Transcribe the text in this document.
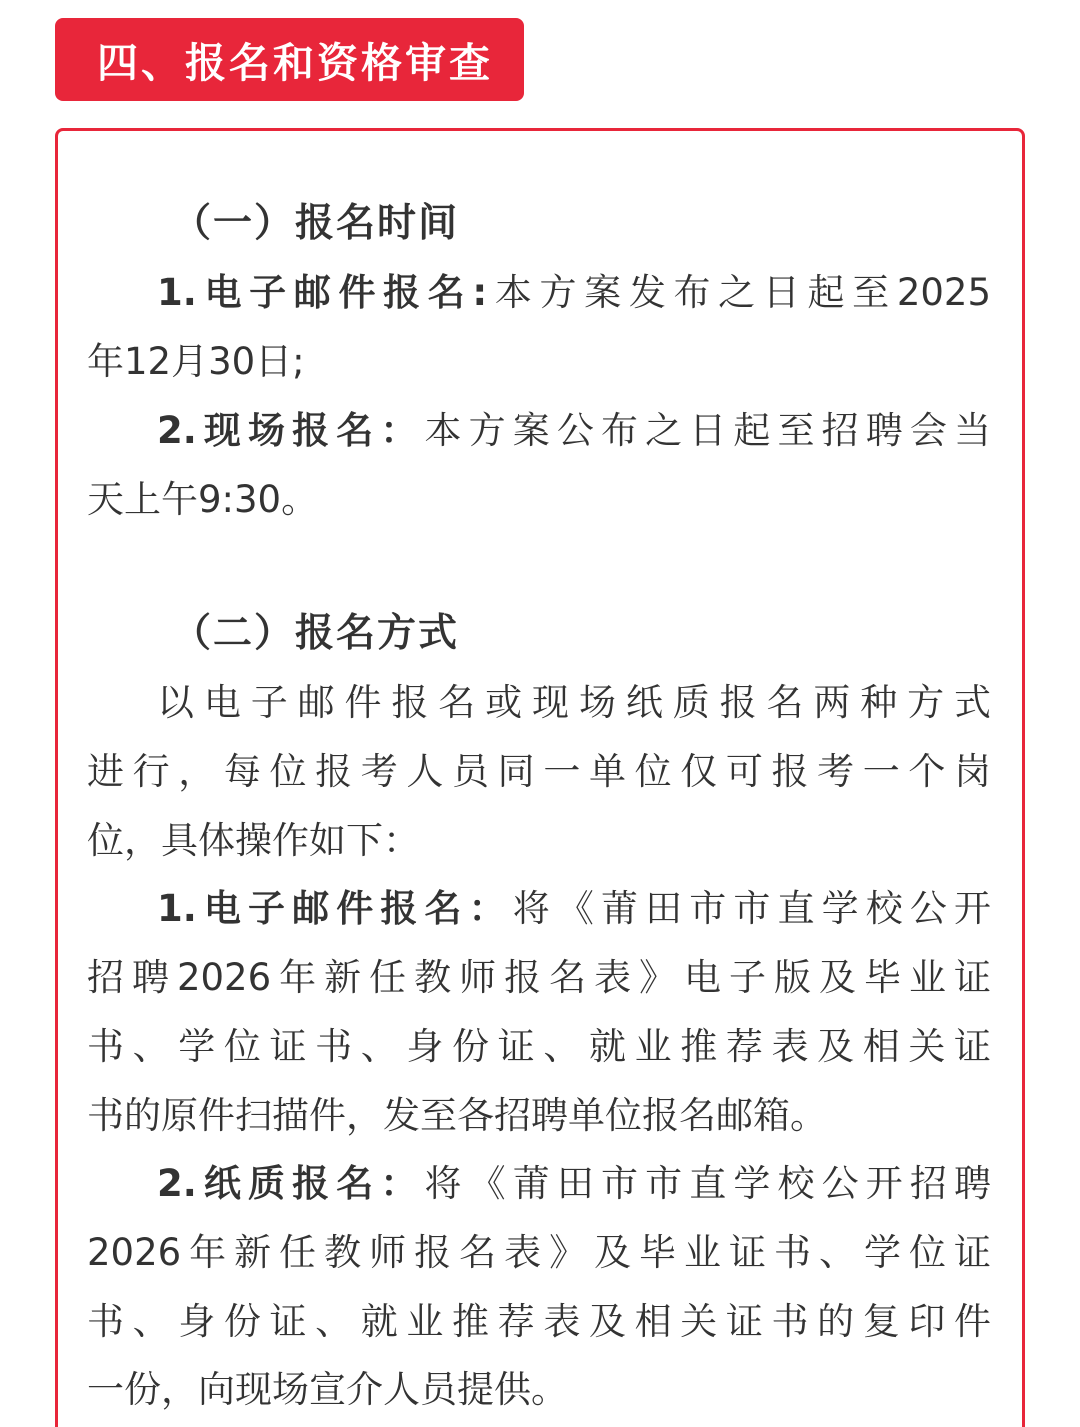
四、报名和资格审查
（一）报名时间
1.电子邮件报名:本方案发布之日起至2025
年12月30日;
2.现场报名：本方案公布之日起至招聘会当
天上午9:30。
（二）报名方式
以电子邮件报名或现场纸质报名两种方式
进行，每位报考人员同一单位仅可报考一个岗
位，具体操作如下：
1.电子邮件报名：将《莆田市市直学校公开
招聘2026年新任教师报名表》电子版及毕业证
书、学位证书、身份证、就业推荐表及相关证
书的原件扫描件，发至各招聘单位报名邮箱。
2.纸质报名：将《莆田市市直学校公开招聘
2026年新任教师报名表》及毕业证书、学位证
书、身份证、就业推荐表及相关证书的复印件
一份，向现场宣介人员提供。
